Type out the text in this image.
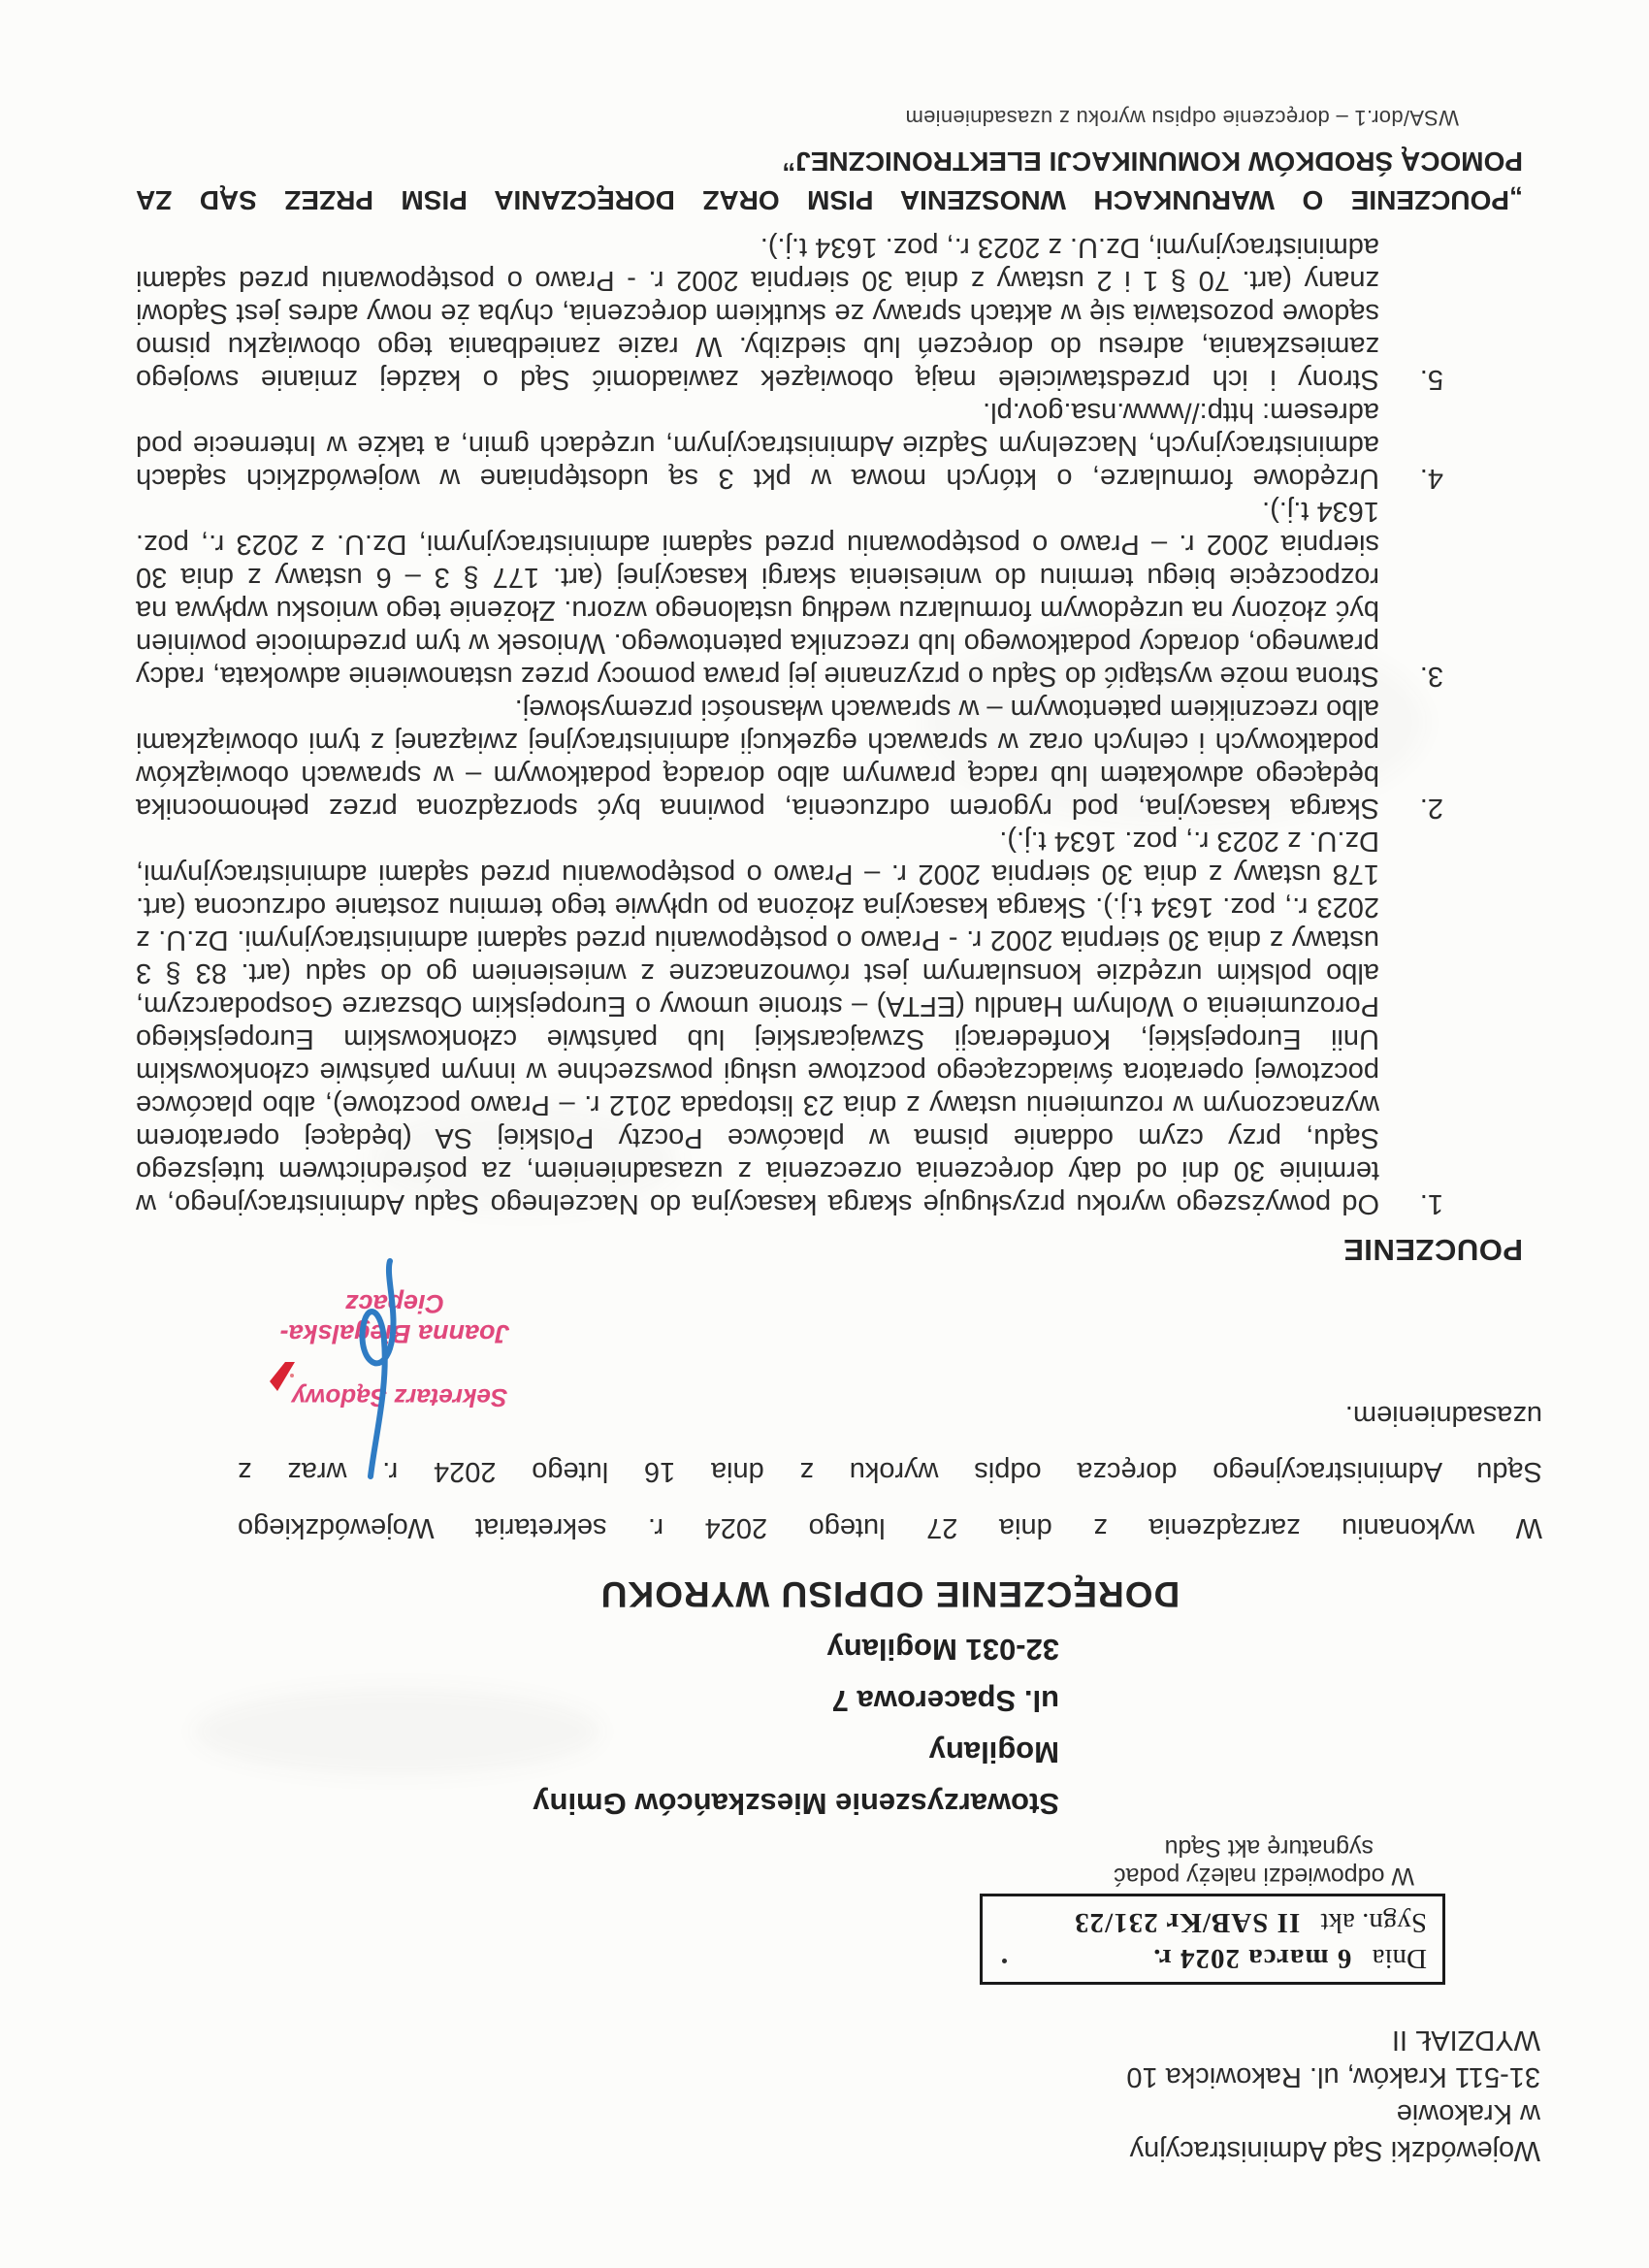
Wojewódzki Sąd Administracyjny
w Krakowie
31-511 Kraków, ul. Rakowicka 10
WYDZIAŁ II
Dnia 6 marca 2024 r.
Sygn. akt II SAB/Kr 231/23
W odpowiedzi należy podać
sygnaturę akt Sądu
Stowarzyszenie Mieszkańców Gminy
Mogilany
ul. Spacerowa 7
32-031 Mogilany
DORĘCZENIE ODPISU WYROKU
W wykonaniu zarządzenia z dnia 27 lutego 2024 r. sekretariat Wojewódzkiego
Sądu Administracyjnego doręcza odpis wyroku z dnia 16 lutego 2024 r. wraz z
uzasadnieniem.
Sekretarz Sądowy
Joanna Biegalska-Ciepacz
POUCZENIE
1.
Od powyższego wyroku przysługuje skarga kasacyjna do Naczelnego Sądu Administracyjnego, w terminie 30 dni od daty doręczenia orzeczenia z uzasadnieniem, za pośrednictwem tutejszego Sądu, przy czym oddanie pisma w placówce Poczty Polskiej SA (będącej operatorem wyznaczonym w rozumieniu ustawy z dnia 23 listopada 2012 r. – Prawo pocztowe), albo placówce pocztowej operatora świadczącego pocztowe usługi powszechne w innym państwie członkowskim Unii Europejskiej, Konfederacji Szwajcarskiej lub państwie członkowskim Europejskiego Porozumienia o Wolnym Handlu (EFTA) – stronie umowy o Europejskim Obszarze Gospodarczym, albo polskim urzędzie konsularnym jest równoznaczne z wniesieniem go do sądu (art. 83 § 3 ustawy z dnia 30 sierpnia 2002 r. - Prawo o postępowaniu przed sądami administracyjnymi. Dz.U. z 2023 r., poz. 1634 t.j.). Skarga kasacyjna złożona po upływie tego terminu zostanie odrzucona (art. 178 ustawy z dnia 30 sierpnia 2002 r. – Prawo o postępowaniu przed sądami administracyjnymi, Dz.U. z 2023 r., poz. 1634 t.j.).
2.
Skarga kasacyjna, pod rygorem odrzucenia, powinna być sporządzona przez pełnomocnika będącego adwokatem lub radcą prawnym albo doradcą podatkowym – w sprawach obowiązków podatkowych i celnych oraz w sprawach egzekucji administracyjnej związanej z tymi obowiązkami albo rzecznikiem patentowym – w sprawach własności przemysłowej.
3.
Strona może wystąpić do Sądu o przyznanie jej prawa pomocy przez ustanowienie adwokata, radcy prawnego, doradcy podatkowego lub rzecznika patentowego. Wniosek w tym przedmiocie powinien być złożony na urzędowym formularzu według ustalonego wzoru. Złożenie tego wniosku wpływa na rozpoczęcie biegu terminu do wniesienia skargi kasacyjnej (art. 177 § 3 – 6 ustawy z dnia 30 sierpnia 2002 r. – Prawo o postępowaniu przed sądami administracyjnymi, Dz.U. z 2023 r., poz. 1634 t.j.).
4.
Urzędowe formularze, o których mowa w pkt 3 są udostępniane w wojewódzkich sądach administracyjnych, Naczelnym Sądzie Administracyjnym, urzędach gmin, a także w Internecie pod adresem: http://www.nsa.gov.pl.
5.
Strony i ich przedstawiciele mają obowiązek zawiadomić Sąd o każdej zmianie swojego zamieszkania, adresu do doręczeń lub siedziby. W razie zaniedbania tego obowiązku pismo sądowe pozostawia się w aktach sprawy ze skutkiem doręczenia, chyba że nowy adres jest Sądowi znany (art. 70 § 1 i 2 ustawy z dnia 30 sierpnia 2002 r. - Prawo o postępowaniu przed sądami administracyjnymi, Dz.U. z 2023 r., poz. 1634 t.j.).
„POUCZENIE O WARUNKACH WNOSZENIA PISM ORAZ DORĘCZANIA PISM PRZEZ SĄD ZA
POMOCĄ ŚRODKÓW KOMUNIKACJI ELEKTRONICZNEJ”
WSA/dor.1 – doręczenie odpisu wyroku z uzasadnieniem
